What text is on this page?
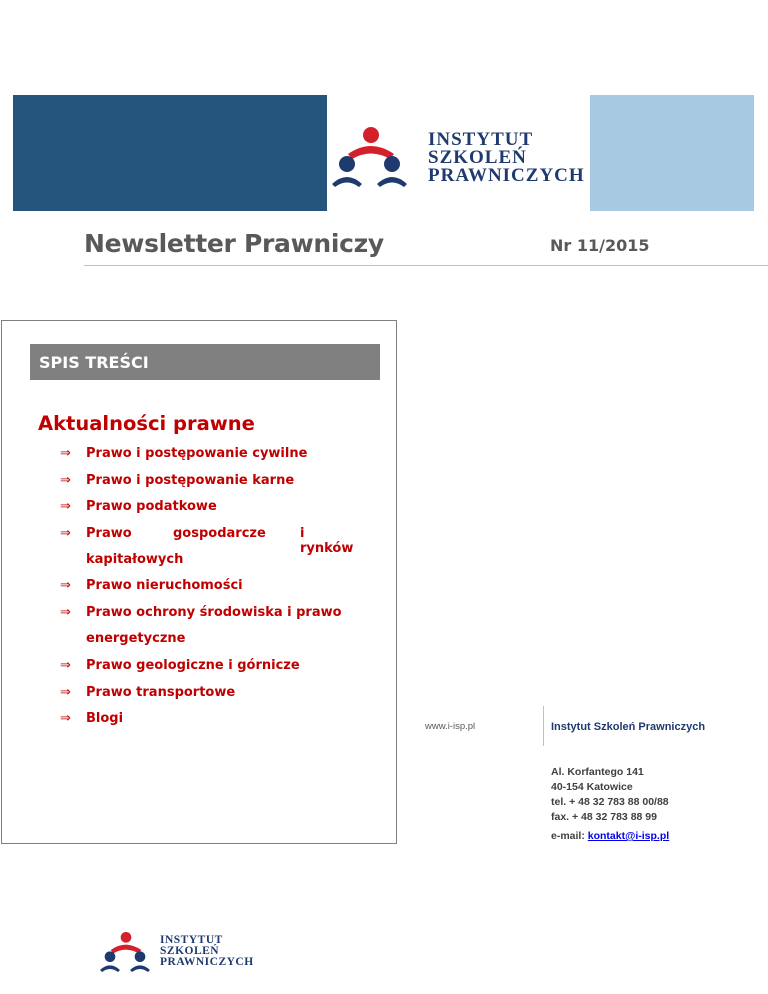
INSTYTUT
SZKOLEŃ
PRAWNICZYCH
Newsletter Prawniczy	Nr 11/2015
SPIS TREŚCI
Aktualności prawne
⇒ Prawo i postępowanie cywilne
⇒ Prawo i postępowanie karne
⇒ Prawo podatkowe
⇒ Prawo	gospodarcze	i rynków
kapitałowych
⇒ Prawo nieruchomości
⇒ Prawo ochrony środowiska i prawo
energetyczne
⇒ Prawo geologiczne i górnicze
⇒ Prawo transportowe
⇒ Blogi
www.i-isp.pl	Instytut Szkoleń Prawniczych
Al. Korfantego 141
40-154 Katowice
tel. + 48 32 783 88 00/88
fax. + 48 32 783 88 99
e-mail: kontakt@i-isp.pl
INSTYTUT
SZKOLEŃ
PRAWNICZYCH
